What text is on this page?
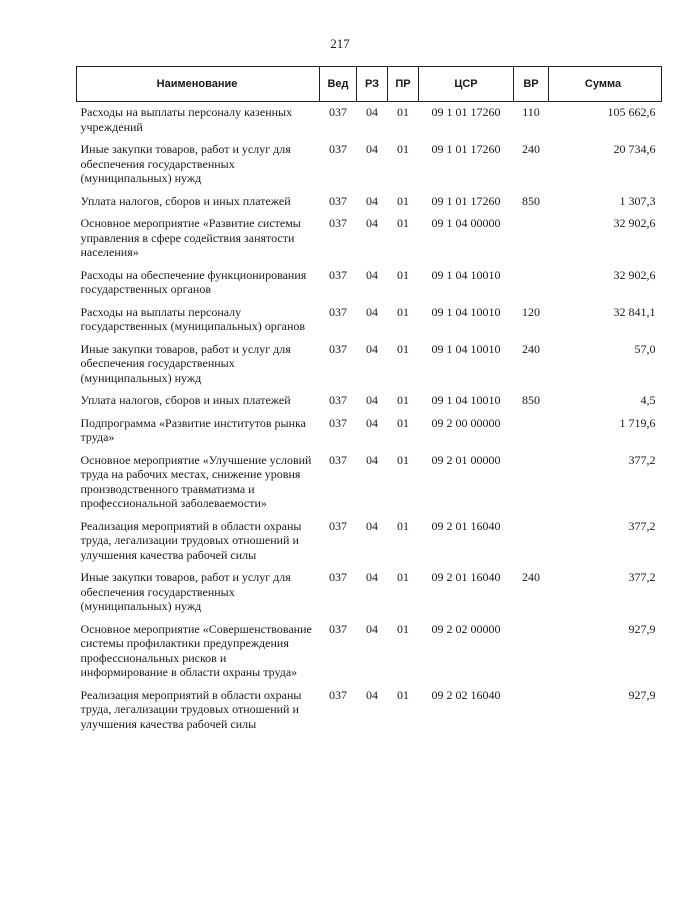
217
Наименование	Вед	РЗ	ПР	ЦСР	ВР	Сумма
Расходы на выплаты персоналу казенных учреждений	037	04	01	09 1 01 17260	110	105 662,6
Иные закупки товаров, работ и услуг для обеспечения государственных (муниципальных) нужд	037	04	01	09 1 01 17260	240	20 734,6
Уплата налогов, сборов и иных платежей	037	04	01	09 1 01 17260	850	1 307,3
Основное мероприятие «Развитие системы управления в сфере содействия занятости населения»	037	04	01	09 1 04 00000		32 902,6
Расходы на обеспечение функционирования государственных органов	037	04	01	09 1 04 10010		32 902,6
Расходы на выплаты персоналу государственных (муниципальных) органов	037	04	01	09 1 04 10010	120	32 841,1
Иные закупки товаров, работ и услуг для обеспечения государственных (муниципальных) нужд	037	04	01	09 1 04 10010	240	57,0
Уплата налогов, сборов и иных платежей	037	04	01	09 1 04 10010	850	4,5
Подпрограмма «Развитие институтов рынка труда»	037	04	01	09 2 00 00000		1 719,6
Основное мероприятие «Улучшение условий труда на рабочих местах, снижение уровня производственного травматизма и профессиональной заболеваемости»	037	04	01	09 2 01 00000		377,2
Реализация мероприятий в области охраны труда, легализации трудовых отношений и улучшения качества рабочей силы	037	04	01	09 2 01 16040		377,2
Иные закупки товаров, работ и услуг для обеспечения государственных (муниципальных) нужд	037	04	01	09 2 01 16040	240	377,2
Основное мероприятие «Совершенствование системы профилактики предупреждения профессиональных рисков и информирование в области охраны труда»	037	04	01	09 2 02 00000		927,9
Реализация мероприятий в области охраны труда, легализации трудовых отношений и улучшения качества рабочей силы	037	04	01	09 2 02 16040		927,9
